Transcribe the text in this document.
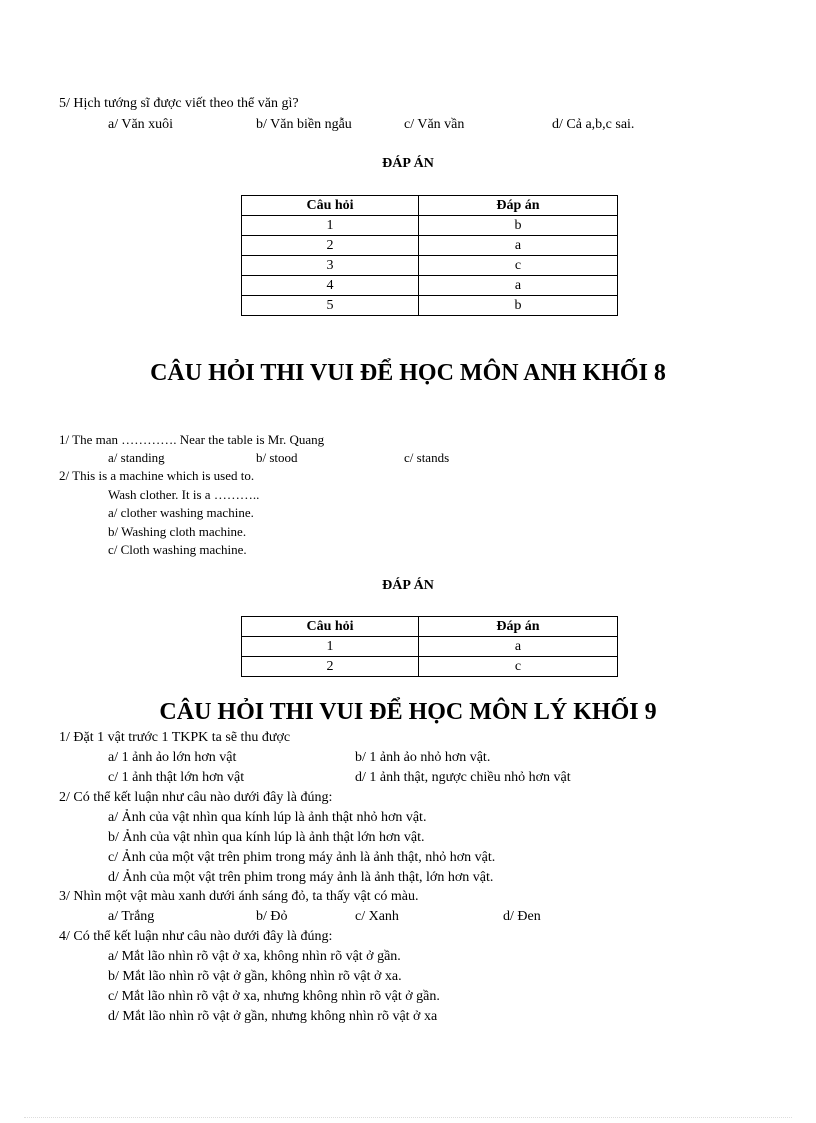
5/ Hịch tướng sĩ được viết theo thể văn gì?
a/ Văn xuôi	b/ Văn biền ngẫu	c/ Văn vần	d/ Cả a,b,c sai.
ĐÁP ÁN
Câu hỏi	Đáp án
1	b
2	a
3	c
4	a
5	b
CÂU HỎI THI VUI ĐỂ HỌC MÔN ANH KHỐI 8
1/ The man …………. Near the table is Mr. Quang
a/ standing	b/ stood	c/ stands
2/ This is a machine which is used to.
Wash clother. It is a ………..
a/ clother washing machine.
b/ Washing cloth machine.
c/ Cloth washing machine.
ĐÁP ÁN
Câu hỏi	Đáp án
1	a
2	c
CÂU HỎI THI VUI ĐỂ HỌC MÔN LÝ KHỐI 9
1/ Đặt 1 vật trước 1 TKPK ta sẽ thu được
a/ 1 ảnh ảo lớn hơn vật	b/ 1 ảnh ảo nhỏ hơn vật.
c/ 1 ảnh thật lớn hơn vật	d/ 1 ảnh thật, ngược chiều nhỏ hơn vật
2/ Có thể kết luận như câu nào dưới đây là đúng:
a/ Ảnh của vật nhìn qua kính lúp là ảnh thật nhỏ hơn vật.
b/ Ảnh của vật nhìn qua kính lúp là ảnh thật lớn hơn vật.
c/ Ảnh của một vật trên phim trong máy ảnh là ảnh thật, nhỏ hơn vật.
d/ Ảnh của một vật trên phim trong máy ảnh là ảnh thật, lớn hơn vật.
3/ Nhìn một vật màu xanh dưới ánh sáng đỏ, ta thấy vật có màu.
a/ Trắng	b/ Đỏ	c/ Xanh	d/ Đen
4/ Có thể kết luận như câu nào dưới đây là đúng:
a/ Mắt lão nhìn rõ vật ở xa, không nhìn rõ vật ở gần.
b/ Mắt lão nhìn rõ vật ở gần, không nhìn rõ vật ở xa.
c/ Mắt lão nhìn rõ vật ở xa, nhưng không nhìn rõ vật ở gần.
d/ Mắt lão nhìn rõ vật ở gần, nhưng không nhìn rõ vật ở xa
